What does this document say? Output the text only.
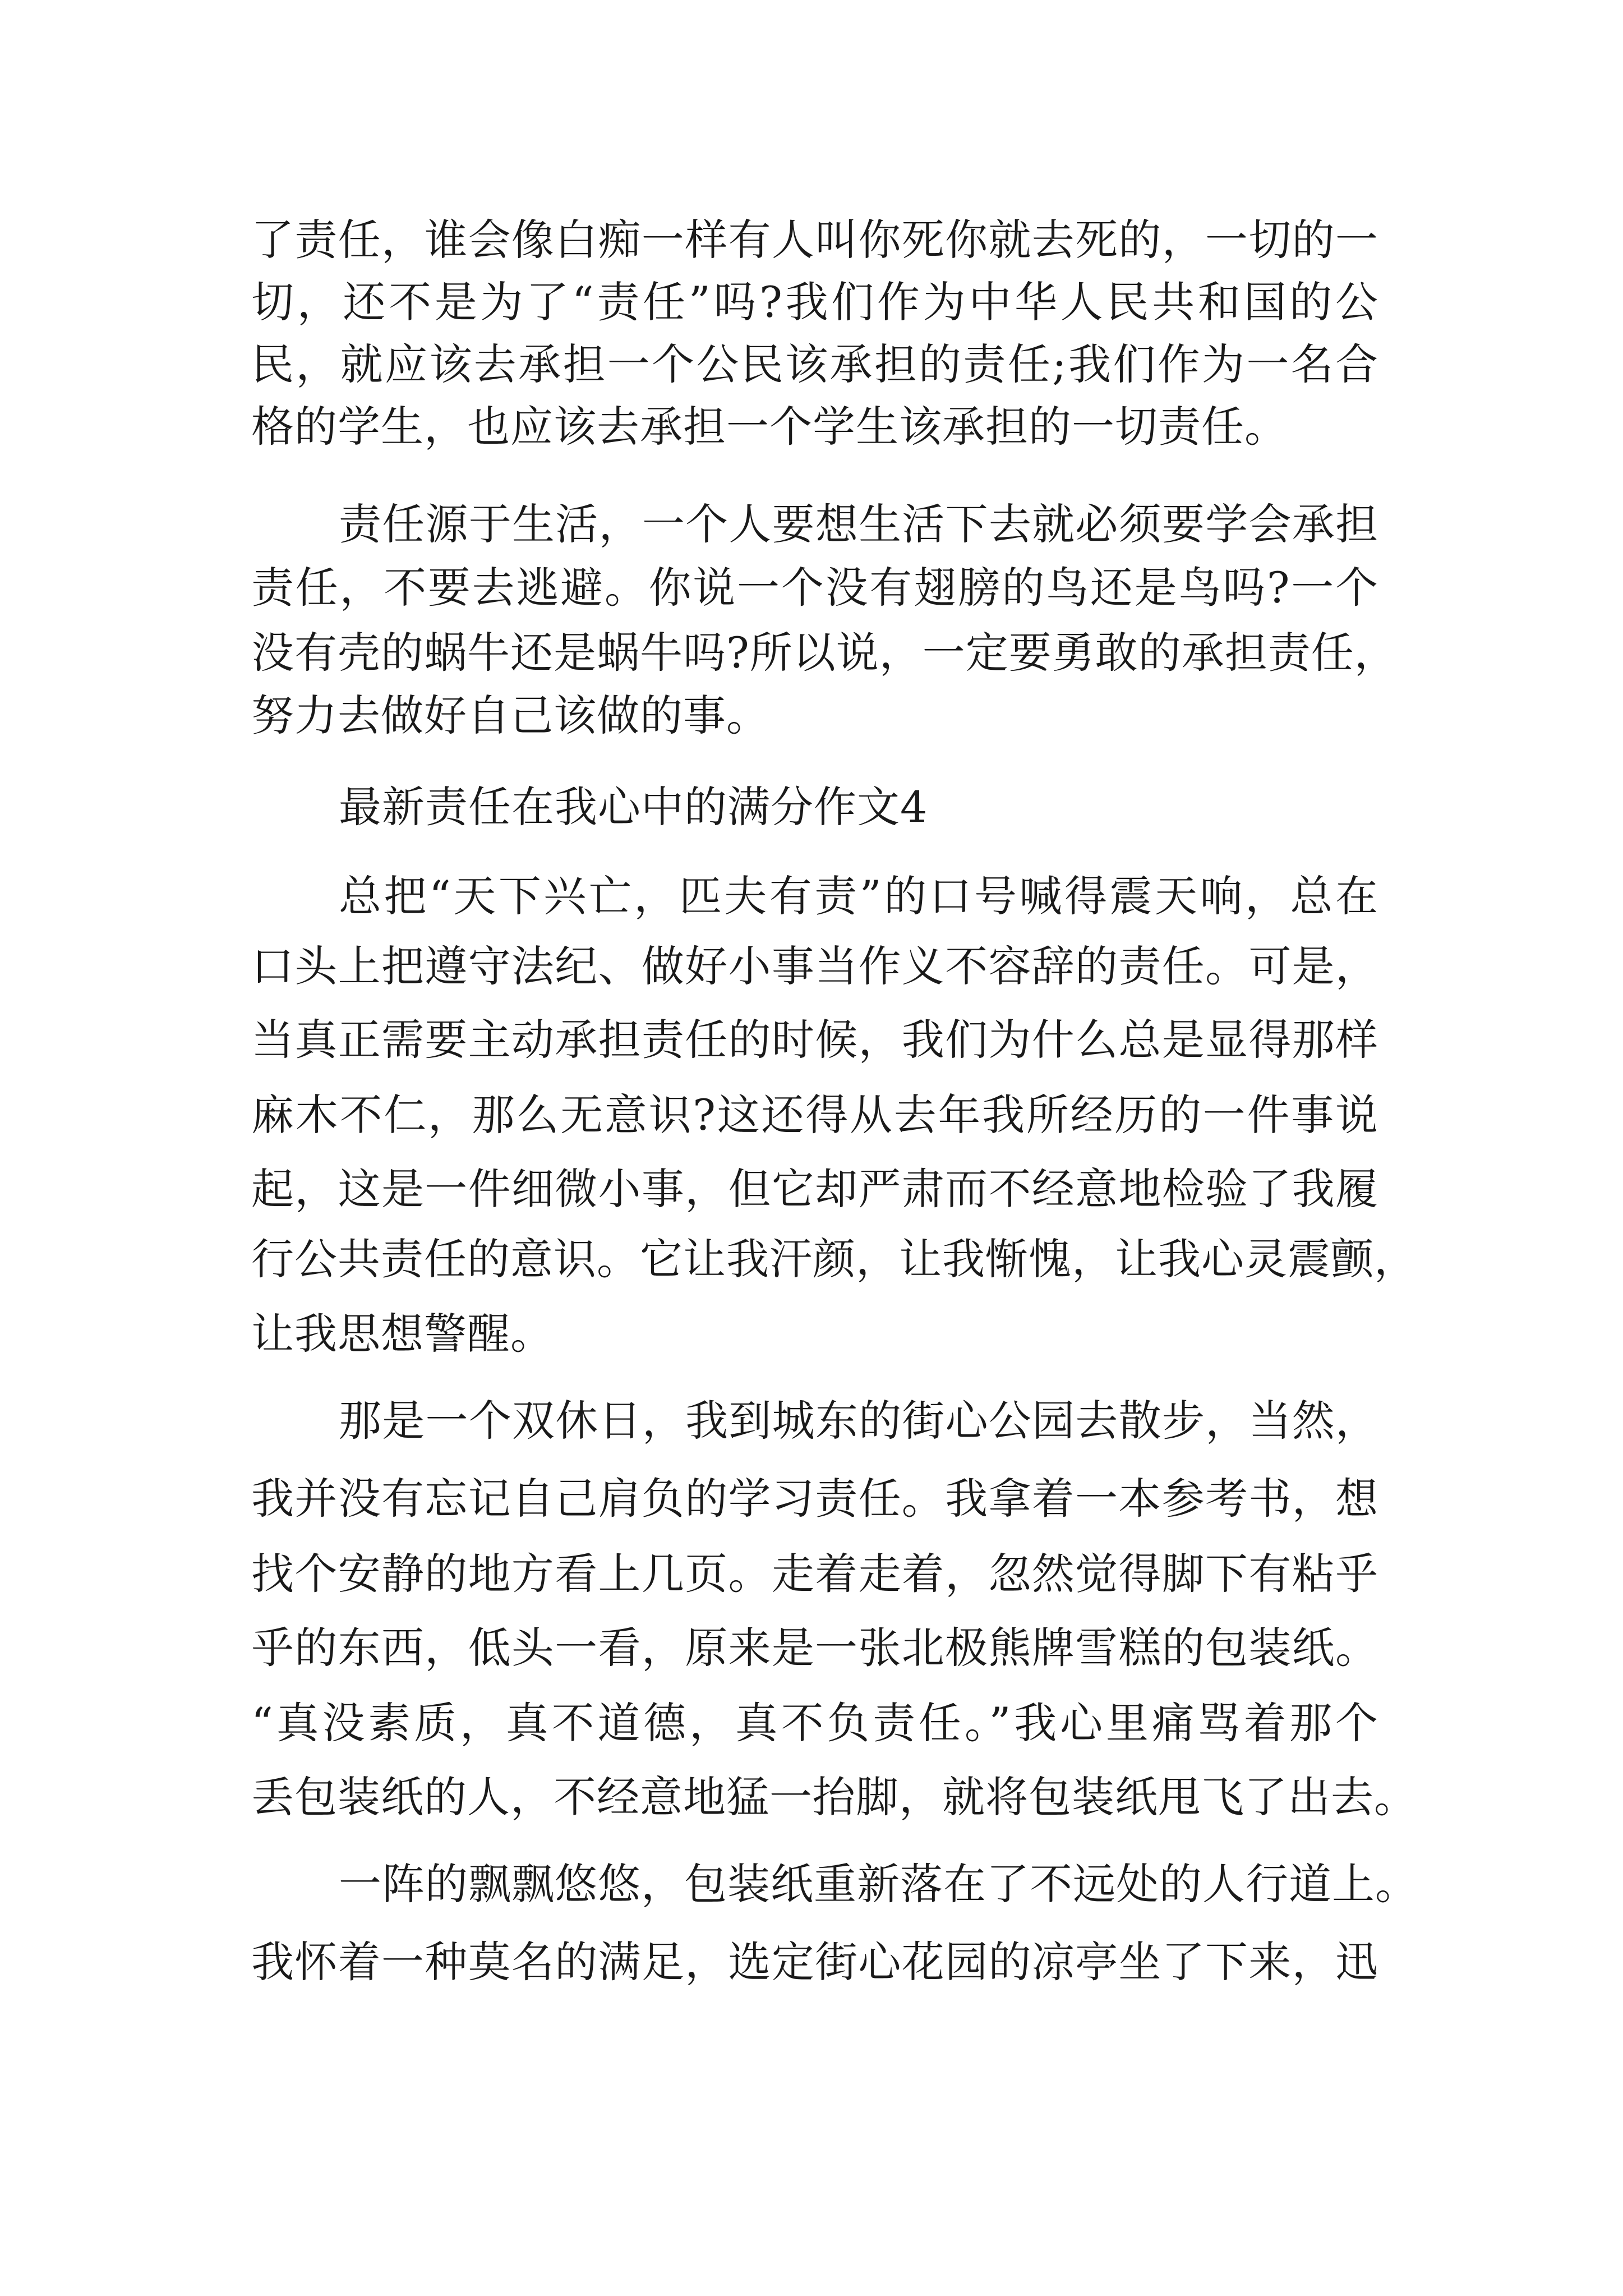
了责任，谁会像白痴一样有人叫你死你就去死的，一切的一

切，还不是为了“责任”吗?我们作为中华人民共和国的公

民，就应该去承担一个公民该承担的责任;我们作为一名合

格的学生，也应该去承担一个学生该承担的一切责任。

责任源于生活，一个人要想生活下去就必须要学会承担

责任，不要去逃避。你说一个没有翅膀的鸟还是鸟吗?一个

没有壳的蜗牛还是蜗牛吗?所以说，一定要勇敢的承担责任，

努力去做好自己该做的事。

最新责任在我心中的满分作文4

总把“天下兴亡，匹夫有责”的口号喊得震天响，总在

口头上把遵守法纪、做好小事当作义不容辞的责任。可是，

当真正需要主动承担责任的时候，我们为什么总是显得那样

麻木不仁，那么无意识?这还得从去年我所经历的一件事说

起，这是一件细微小事，但它却严肃而不经意地检验了我履

行公共责任的意识。它让我汗颜，让我惭愧，让我心灵震颤，

让我思想警醒。

那是一个双休日，我到城东的街心公园去散步，当然，

我并没有忘记自己肩负的学习责任。我拿着一本参考书，想

找个安静的地方看上几页。走着走着，忽然觉得脚下有粘乎

乎的东西，低头一看，原来是一张北极熊牌雪糕的包装纸。

“真没素质，真不道德，真不负责任。”我心里痛骂着那个

丢包装纸的人，不经意地猛一抬脚，就将包装纸甩飞了出去。

一阵的飘飘悠悠，包装纸重新落在了不远处的人行道上。

我怀着一种莫名的满足，选定街心花园的凉亭坐了下来，迅
